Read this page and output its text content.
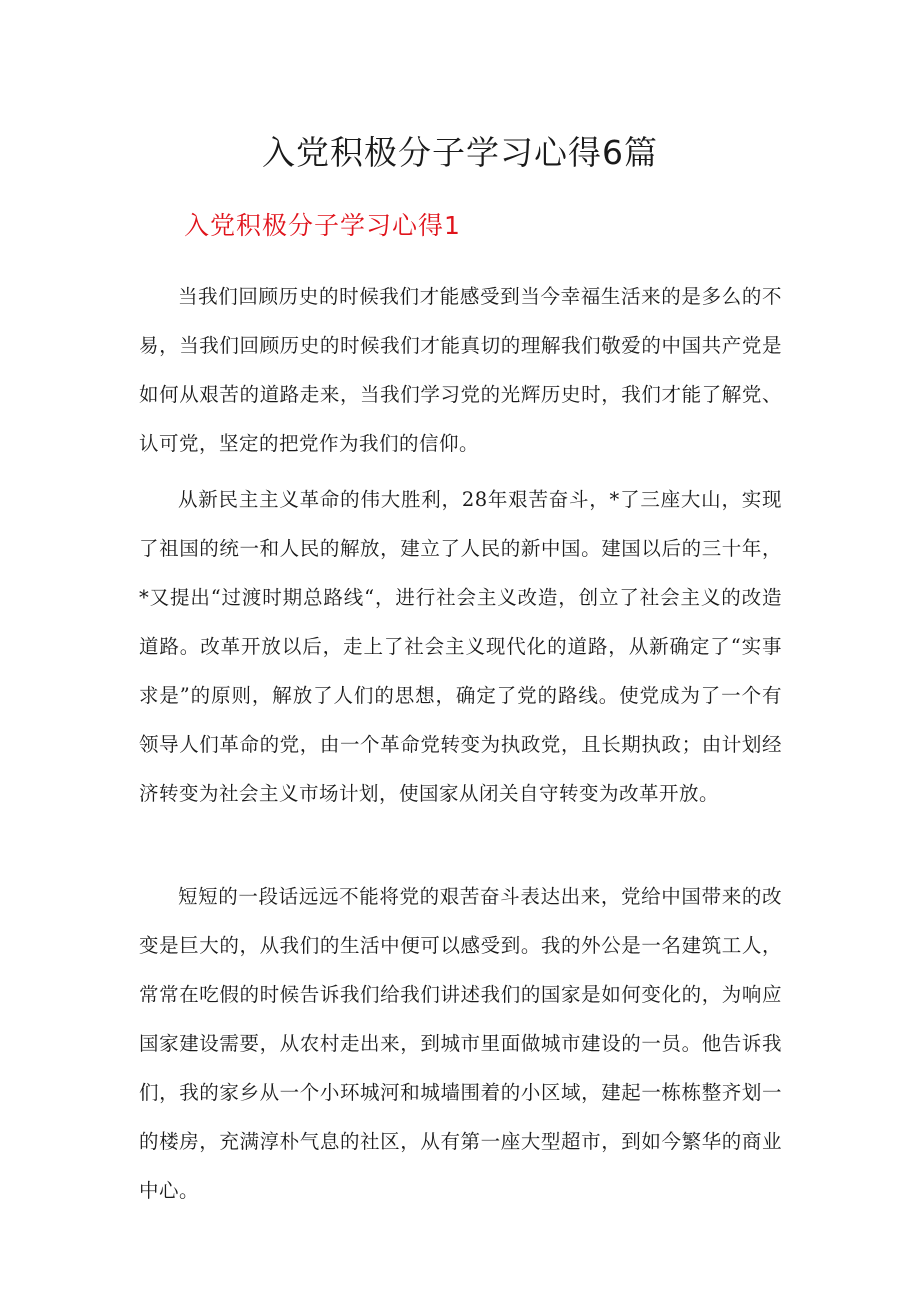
入党积极分子学习心得6篇
入党积极分子学习心得1

当我们回顾历史的时候我们才能感受到当今幸福生活来的是多么的不易，当我们回顾历史的时候我们才能真切的理解我们敬爱的中国共产党是如何从艰苦的道路走来，当我们学习党的光辉历史时，我们才能了解党、认可党，坚定的把党作为我们的信仰。

从新民主主义革命的伟大胜利，28年艰苦奋斗，*了三座大山，实现了祖国的统一和人民的解放，建立了人民的新中国。建国以后的三十年，*又提出“过渡时期总路线“，进行社会主义改造，创立了社会主义的改造道路。改革开放以后，走上了社会主义现代化的道路，从新确定了“实事求是”的原则，解放了人们的思想，确定了党的路线。使党成为了一个有领导人们革命的党，由一个革命党转变为执政党，且长期执政；由计划经济转变为社会主义市场计划，使国家从闭关自守转变为改革开放。

短短的一段话远远不能将党的艰苦奋斗表达出来，党给中国带来的改变是巨大的，从我们的生活中便可以感受到。我的外公是一名建筑工人，常常在吃假的时候告诉我们给我们讲述我们的国家是如何变化的，为响应国家建设需要，从农村走出来，到城市里面做城市建设的一员。他告诉我们，我的家乡从一个小环城河和城墙围着的小区域，建起一栋栋整齐划一的楼房，充满淳朴气息的社区，从有第一座大型超市，到如今繁华的商业中心。
